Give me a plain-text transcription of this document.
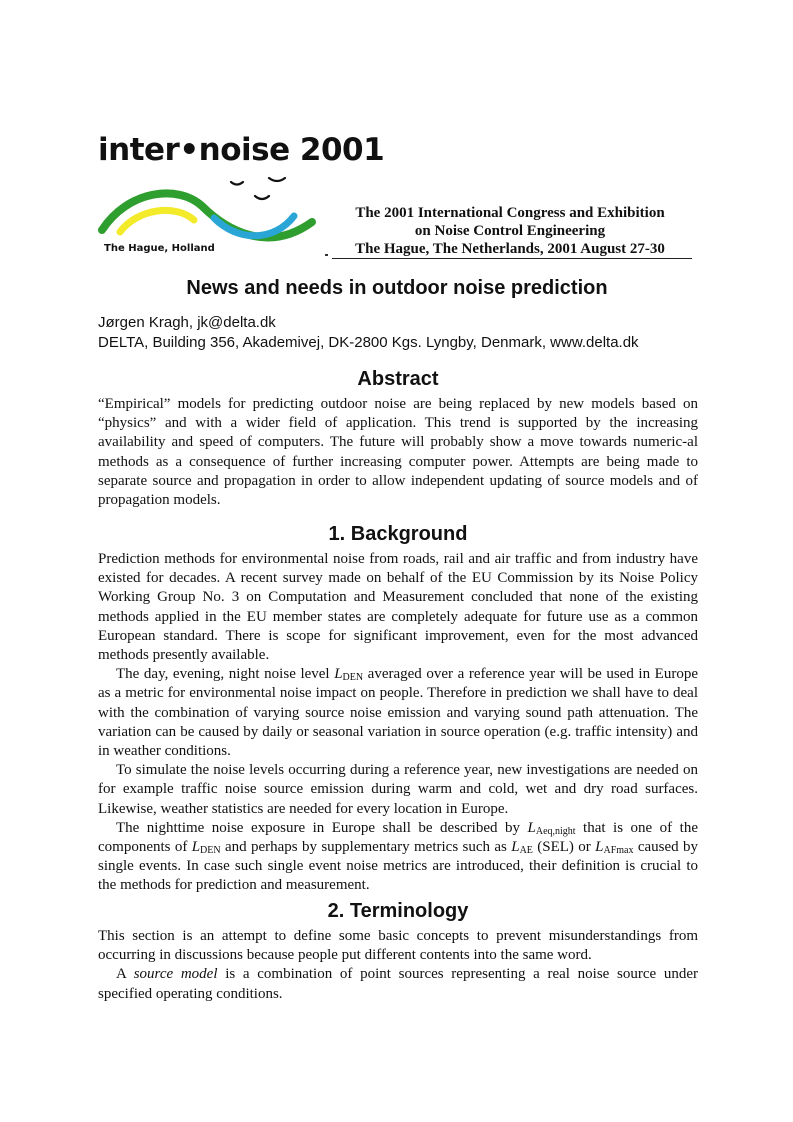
inter•noise 2001
The Hague, Holland
The 2001 International Congress and Exhibition
on Noise Control Engineering
The Hague, The Netherlands, 2001 August 27-30
News and needs in outdoor noise prediction
Jørgen Kragh, jk@delta.dk
DELTA, Building 356, Akademivej, DK-2800 Kgs. Lyngby, Denmark, www.delta.dk
Abstract

“Empirical” models for predicting outdoor noise are being replaced by new models based on “physics” and with a wider field of application. This trend is supported by the increasing availability and speed of computers. The future will probably show a move towards numeric-al methods as a consequence of further increasing computer power. Attempts are being made to separate source and propagation in order to allow independent updating of source models and of propagation models.

1. Background

Prediction methods for environmental noise from roads, rail and air traffic and from industry have existed for decades. A recent survey made on behalf of the EU Commission by its Noise Policy Working Group No. 3 on Computation and Measurement concluded that none of the existing methods applied in the EU member states are completely adequate for future use as a common European standard. There is scope for significant improvement, even for the most advanced methods presently available.

The day, evening, night noise level $L_{DEN}$ averaged over a reference year will be used in Europe as a metric for environmental noise impact on people. Therefore in prediction we shall have to deal with the combination of varying source noise emission and varying sound path attenuation. The variation can be caused by daily or seasonal variation in source operation (e.g. traffic intensity) and in weather conditions.

To simulate the noise levels occurring during a reference year, new investigations are needed on for example traffic noise source emission during warm and cold, wet and dry road surfaces. Likewise, weather statistics are needed for every location in Europe.

The nighttime noise exposure in Europe shall be described by $L_{Aeq,night}$ that is one of the components of $L_{DEN}$ and perhaps by supplementary metrics such as $L_{AE}$ (SEL) or $L_{AFmax}$ caused by single events. In case such single event noise metrics are introduced, their definition is crucial to the methods for prediction and measurement.

2. Terminology

This section is an attempt to define some basic concepts to prevent misunderstandings from occurring in discussions because people put different contents into the same word.

A source model is a combination of point sources representing a real noise source under specified operating conditions.
